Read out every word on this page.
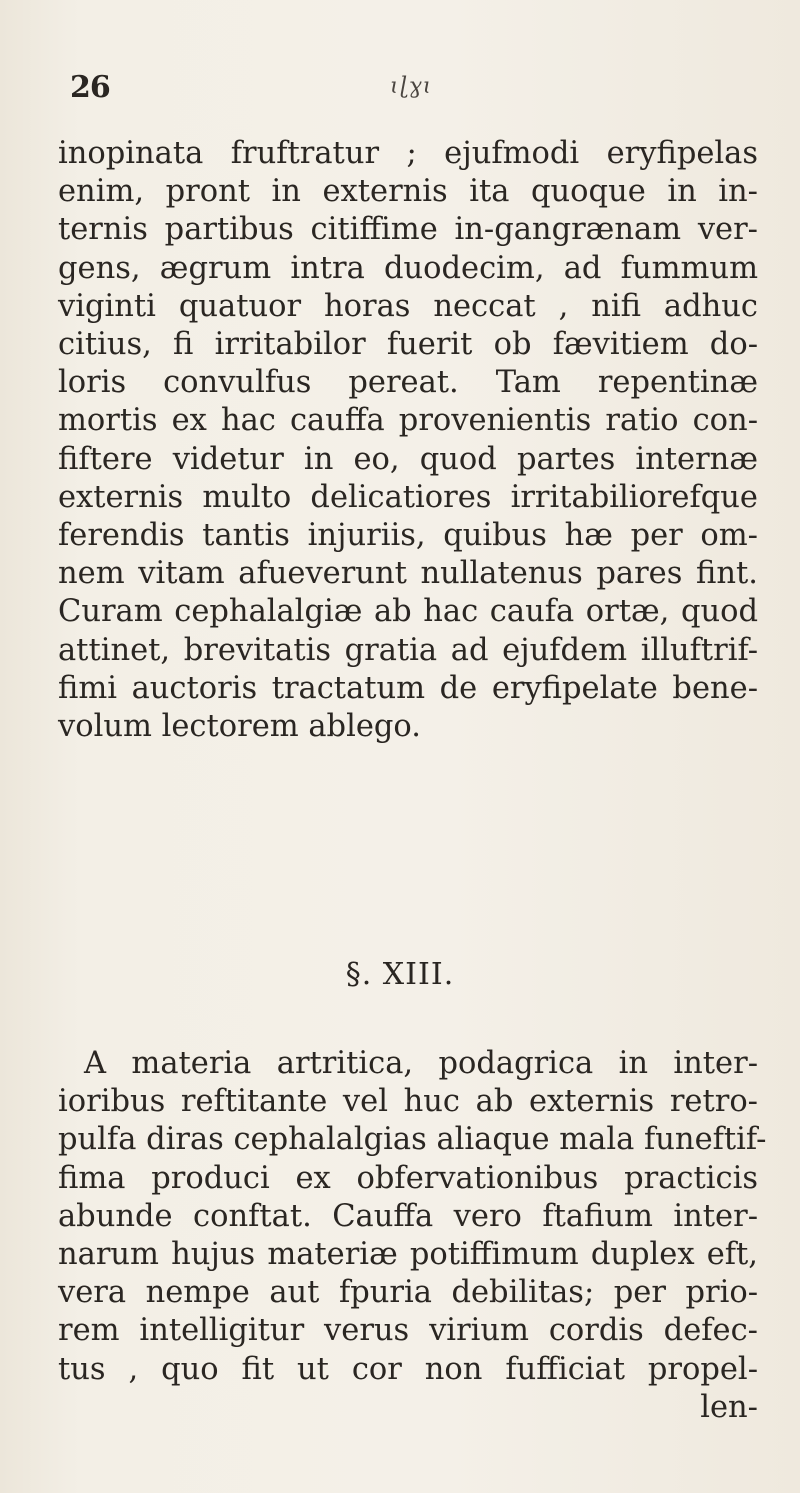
26	ɩɭɣɩ
inopinata fruftratur ; ejufmodi eryfipelas
enim, pront in externis ita quoque in in-
ternis partibus citiffime in-gangrænam ver-
gens, ægrum intra duodecim, ad fummum
viginti quatuor horas neccat , nifi adhuc
citius, fi irritabilor fuerit ob fævitiem do-
loris convulfus pereat. Tam repentinæ
mortis ex hac cauffa provenientis ratio con-
fiftere videtur in eo, quod partes internæ
externis multo delicatiores irritabiliorefque
ferendis tantis injuriis, quibus hæ per om-
nem vitam afueverunt nullatenus pares fint.
Curam cephalalgiæ ab hac caufa ortæ, quod
attinet, brevitatis gratia ad ejufdem illuftrif-
fimi auctoris tractatum de eryfipelate bene-
volum lectorem ablego.
§. XIII.
A materia artritica, podagrica in inter-
ioribus reftitante vel huc ab externis retro-
pulfa diras cephalalgias aliaque mala funeftif-
fima produci ex obfervationibus practicis
abunde conftat. Cauffa vero ftafium inter-
narum hujus materiæ potiffimum duplex eft,
vera nempe aut fpuria debilitas; per prio-
rem intelligitur verus virium cordis defec-
tus , quo fit ut cor non fufficiat propel-
len-
